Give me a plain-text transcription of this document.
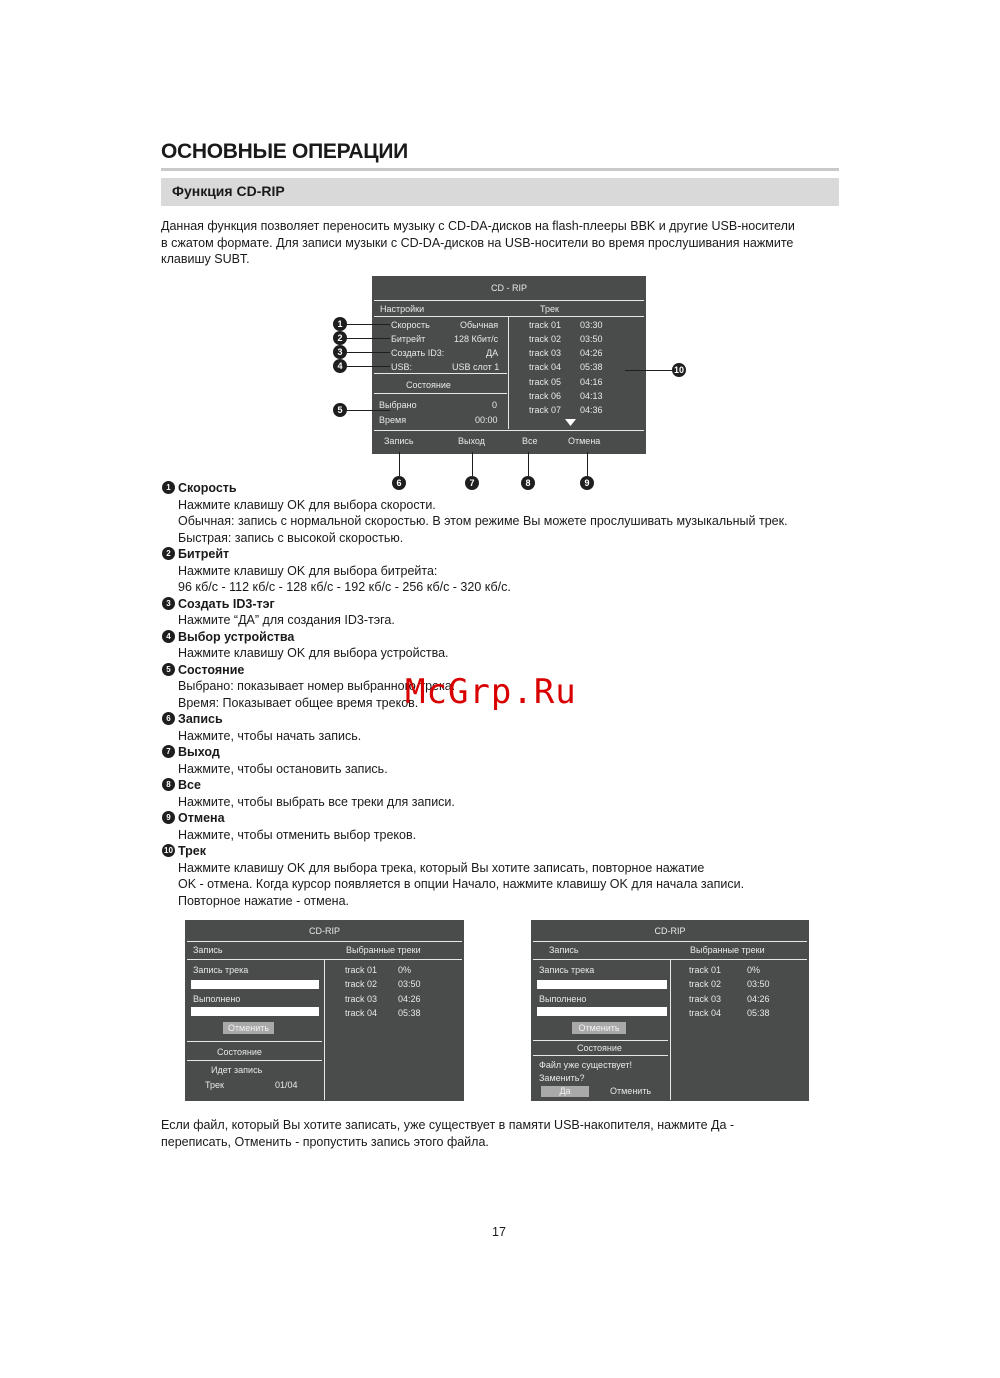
ОСНОВНЫЕ ОПЕРАЦИИ
Функция CD-RIP
Данная функция позволяет переносить музыку с CD-DA-дисков на flash-плееры BBK и другие USB-носители
в сжатом формате. Для записи музыки с CD-DA-дисков на USB-носители во время прослушивания нажмите
клавишу SUBT.
CD - RIP
Настройки	Трек
Скорость	Обычная
Битрейт	128 Кбит/с
Создать ID3:	ДА
USB:	USB слот 1
Состояние
Выбрано	0
Время	00:00
track 01 03:30
track 02 03:50
track 03 04:26
track 04 05:38
track 05 04:16
track 06 04:13
track 07 04:36
Запись	Выход	Все	Отмена
1
2
3
4
5
6	7	8	9
10
1 Скорость
Нажмите клавишу OK для выбора скорости.
Обычная: запись с нормальной скоростью. В этом режиме Вы можете прослушивать музыкальный трек.
Быстрая: запись с высокой скоростью.
2 Битрейт
Нажмите клавишу OK для выбора битрейта:
96 кб/с - 112 кб/с - 128 кб/с - 192 кб/с - 256 кб/с - 320 кб/с.
3 Создать ID3-тэг
Нажмите “ДА” для создания ID3-тэга.
4 Выбор устройства
Нажмите клавишу OK для выбора устройства.
5 Состояние
Выбрано: показывает номер выбранного трека.
Время: Показывает общее время треков.
6 Запись
Нажмите, чтобы начать запись.
7 Выход
Нажмите, чтобы остановить запись.
8 Все
Нажмите, чтобы выбрать все треки для записи.
9 Отмена
Нажмите, чтобы отменить выбор треков.
10 Трек
Нажмите клавишу OK для выбора трека, который Вы хотите записать, повторное нажатие
OK - отмена. Когда курсор появляется в опции Начало, нажмите клавишу OK для начала записи.
Повторное нажатие - отмена.
McGrp.Ru
CD-RIP
Запись	Выбранные треки
Запись трека
Выполнено
Отменить
Состояние
Идет запись
Трек	01/04
track 01 0%
track 02 03:50
track 03 04:26
track 04 05:38
CD-RIP
Запись	Выбранные треки
Запись трека
Выполнено
Отменить
Состояние
Файл уже существует!
Заменить?
Да	Отменить
track 01	0%
track 02	03:50
track 03	04:26
track 04	05:38
Если файл, который Вы хотите записать, уже существует в памяти USB-накопителя, нажмите Да -
переписать, Отменить - пропустить запись этого файла.
17
